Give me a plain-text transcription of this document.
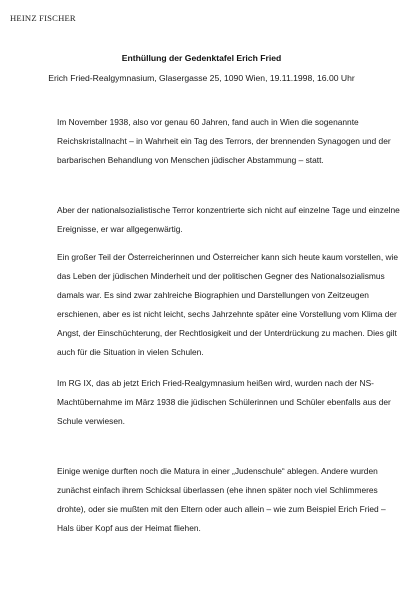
HEINZ FISCHER
Enthüllung der Gedenktafel Erich Fried
Erich Fried-Realgymnasium, Glasergasse 25, 1090 Wien, 19.11.1998, 16.00 Uhr
Im November 1938, also vor genau 60 Jahren, fand auch in Wien die sogenannte
Reichskristallnacht – in Wahrheit ein Tag des Terrors, der brennenden Synagogen und der
barbarischen Behandlung von Menschen jüdischer Abstammung – statt.
Aber der nationalsozialistische Terror konzentrierte sich nicht auf einzelne Tage und einzelne
Ereignisse, er war allgegenwärtig.
Ein großer Teil der Österreicherinnen und Österreicher kann sich heute kaum vorstellen, wie
das Leben der jüdischen Minderheit und der politischen Gegner des Nationalsozialismus
damals war. Es sind zwar zahlreiche Biographien und Darstellungen von Zeitzeugen
erschienen, aber es ist nicht leicht, sechs Jahrzehnte später eine Vorstellung vom Klima der
Angst, der Einschüchterung, der Rechtlosigkeit und der Unterdrückung zu machen. Dies gilt
auch für die Situation in vielen Schulen.
Im RG IX, das ab jetzt Erich Fried-Realgymnasium heißen wird, wurden nach der NS-
Machtübernahme im März 1938 die jüdischen Schülerinnen und Schüler ebenfalls aus der
Schule verwiesen.
Einige wenige durften noch die Matura in einer „Judenschule“ ablegen. Andere wurden
zunächst einfach ihrem Schicksal überlassen (ehe ihnen später noch viel Schlimmeres
drohte), oder sie mußten mit den Eltern oder auch allein – wie zum Beispiel Erich Fried –
Hals über Kopf aus der Heimat fliehen.
